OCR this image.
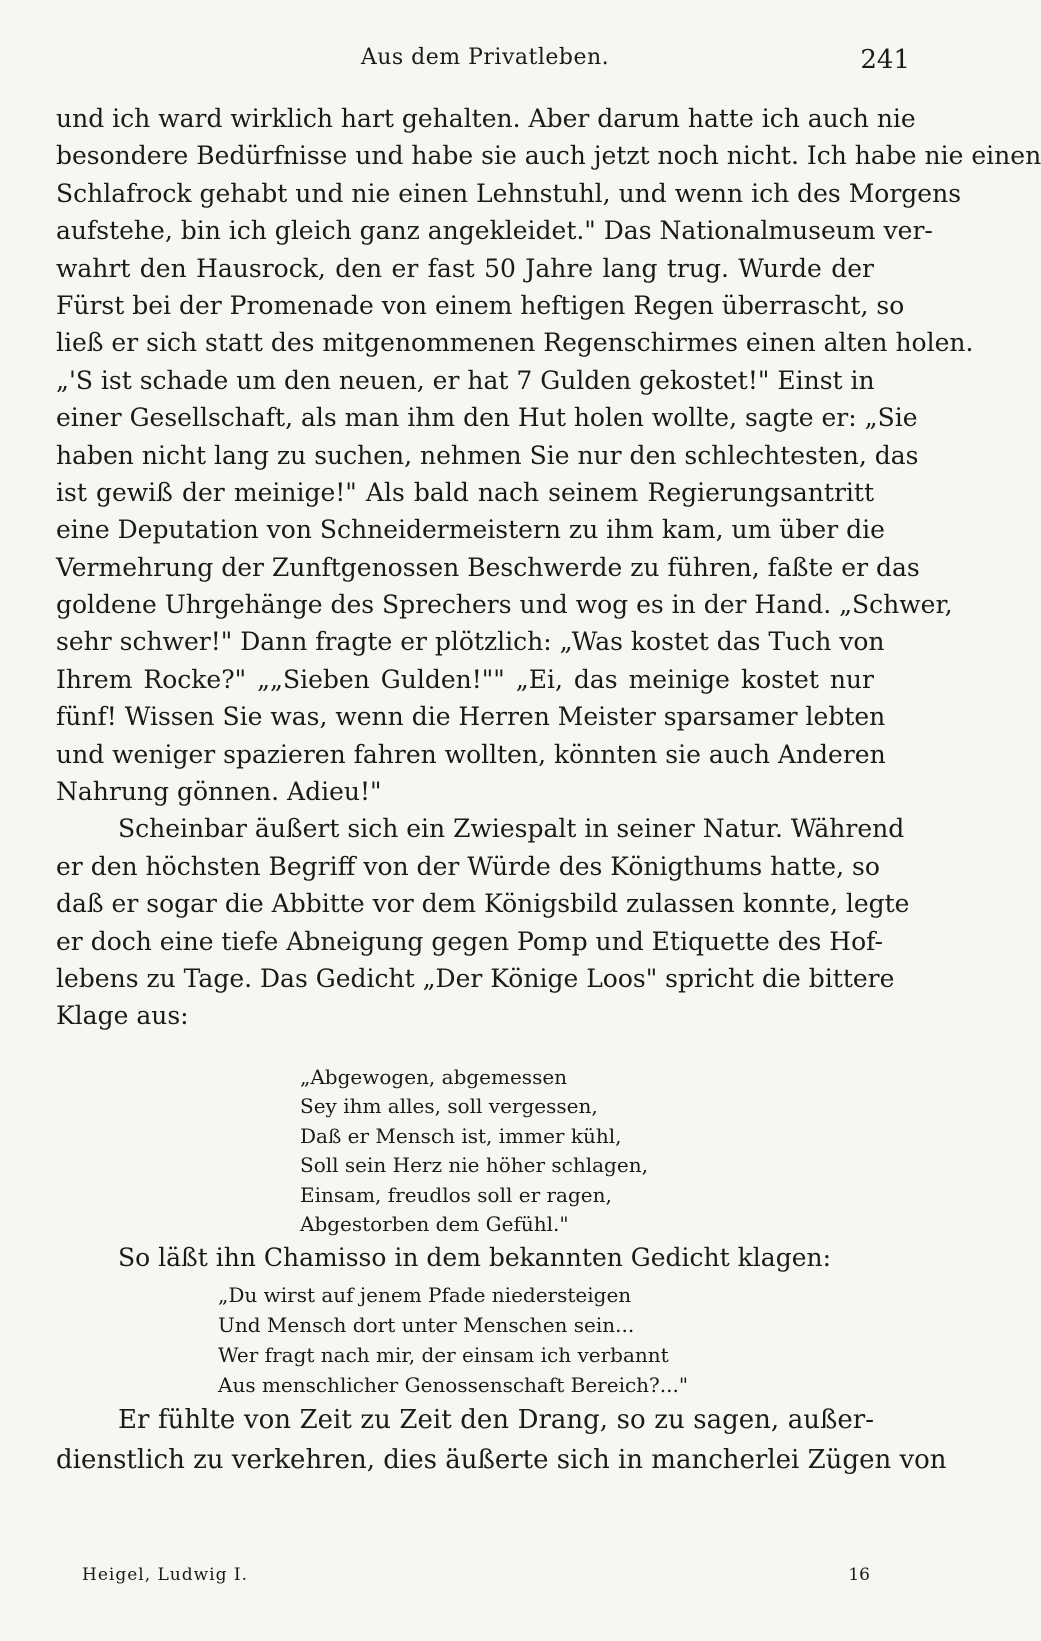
Aus dem Privatleben.	241
und ich ward wirklich hart gehalten. Aber darum hatte ich auch nie
besondere Bedürfnisse und habe sie auch jetzt noch nicht. Ich habe nie einen
Schlafrock gehabt und nie einen Lehnstuhl, und wenn ich des Morgens
aufstehe, bin ich gleich ganz angekleidet." Das Nationalmuseum ver-
wahrt den Hausrock, den er fast 50 Jahre lang trug. Wurde der
Fürst bei der Promenade von einem heftigen Regen überrascht, so
ließ er sich statt des mitgenommenen Regenschirmes einen alten holen.
„'S ist schade um den neuen, er hat 7 Gulden gekostet!" Einst in
einer Gesellschaft, als man ihm den Hut holen wollte, sagte er: „Sie
haben nicht lang zu suchen, nehmen Sie nur den schlechtesten, das
ist gewiß der meinige!" Als bald nach seinem Regierungsantritt
eine Deputation von Schneidermeistern zu ihm kam, um über die
Vermehrung der Zunftgenossen Beschwerde zu führen, faßte er das
goldene Uhrgehänge des Sprechers und wog es in der Hand. „Schwer,
sehr schwer!" Dann fragte er plötzlich: „Was kostet das Tuch von
Ihrem Rocke?" „„Sieben Gulden!"" „Ei, das meinige kostet nur
fünf! Wissen Sie was, wenn die Herren Meister sparsamer lebten
und weniger spazieren fahren wollten, könnten sie auch Anderen
Nahrung gönnen. Adieu!"
Scheinbar äußert sich ein Zwiespalt in seiner Natur. Während
er den höchsten Begriff von der Würde des Königthums hatte, so
daß er sogar die Abbitte vor dem Königsbild zulassen konnte, legte
er doch eine tiefe Abneigung gegen Pomp und Etiquette des Hof-
lebens zu Tage. Das Gedicht „Der Könige Loos" spricht die bittere
Klage aus:
„Abgewogen, abgemessen
Sey ihm alles, soll vergessen,
Daß er Mensch ist, immer kühl,
Soll sein Herz nie höher schlagen,
Einsam, freudlos soll er ragen,
Abgestorben dem Gefühl."
So läßt ihn Chamisso in dem bekannten Gedicht klagen:
„Du wirst auf jenem Pfade niedersteigen
Und Mensch dort unter Menschen sein...
Wer fragt nach mir, der einsam ich verbannt
Aus menschlicher Genossenschaft Bereich?..."
Er fühlte von Zeit zu Zeit den Drang, so zu sagen, außer-
dienstlich zu verkehren, dies äußerte sich in mancherlei Zügen von
Heigel, Ludwig I.	16
